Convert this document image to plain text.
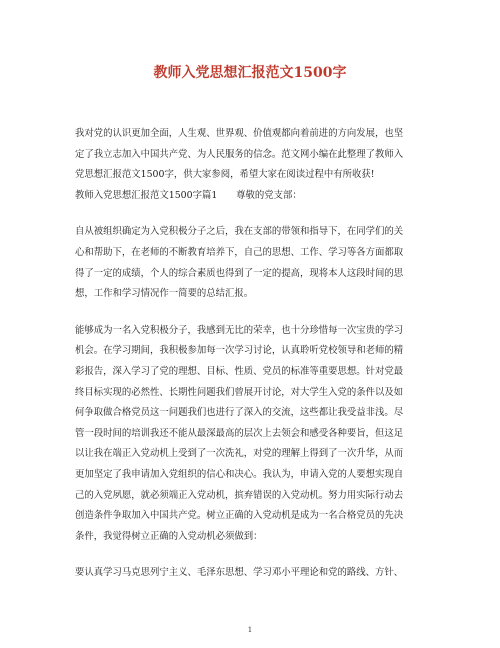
教师入党思想汇报范文1500字
我对党的认识更加全面，人生观、世界观、价值观都向着前进的方向发展，也坚
定了我立志加入中国共产党、为人民服务的信念。范文网小编在此整理了教师入
党思想汇报范文1500字，供大家参阅，希望大家在阅读过程中有所收获!
教师入党思想汇报范文1500字篇1　　尊敬的党支部：
自从被组织确定为入党积极分子之后，我在支部的带领和指导下，在同学们的关
心和帮助下，在老师的不断教育培养下，自己的思想、工作、学习等各方面都取
得了一定的成绩，个人的综合素质也得到了一定的提高，现将本人这段时间的思
想，工作和学习情况作一简要的总结汇报。
能够成为一名入党积极分子，我感到无比的荣幸，也十分珍惜每一次宝贵的学习
机会。在学习期间，我积极参加每一次学习讨论，认真聆听党校领导和老师的精
彩报告，深入学习了党的理想、目标、性质、党员的标准等重要思想。针对党最
终目标实现的必然性、长期性问题我们曾展开讨论，对大学生入党的条件以及如
何争取做合格党员这一问题我们也进行了深入的交流，这些都让我受益非浅。尽
管一段时间的培训我还不能从最深最高的层次上去领会和感受各种要旨，但这足
以让我在端正入党动机上受到了一次洗礼，对党的理解上得到了一次升华，从而
更加坚定了我申请加入党组织的信心和决心。我认为，申请入党的人要想实现自
己的入党夙愿，就必须端正入党动机，摈弃错误的入党动机。努力用实际行动去
创造条件争取加入中国共产党。树立正确的入党动机是成为一名合格党员的先决
条件，我觉得树立正确的入党动机必须做到：
要认真学习马克思列宁主义、毛泽东思想、学习邓小平理论和党的路线、方针、
1
